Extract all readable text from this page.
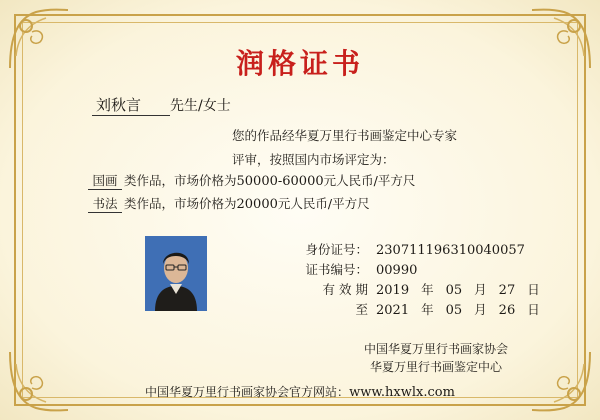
润格证书
刘秋言 先生/女士
您的作品经华夏万里行书画鉴定中心专家
评审，按照国内市场评定为：
国画 类作品，市场价格为50000-60000元人民币/平方尺
书法 类作品，市场价格为20000元人民币/平方尺
身份证号： 230711196310040057
证书编号： 00990
有 效 期 2019 年 05 月 27 日
至 2021 年 05 月 26 日
中国华夏万里行书画家协会
华夏万里行书画鉴定中心
中国华夏万里行书画家协会官方网站：www.hxwlx.com
